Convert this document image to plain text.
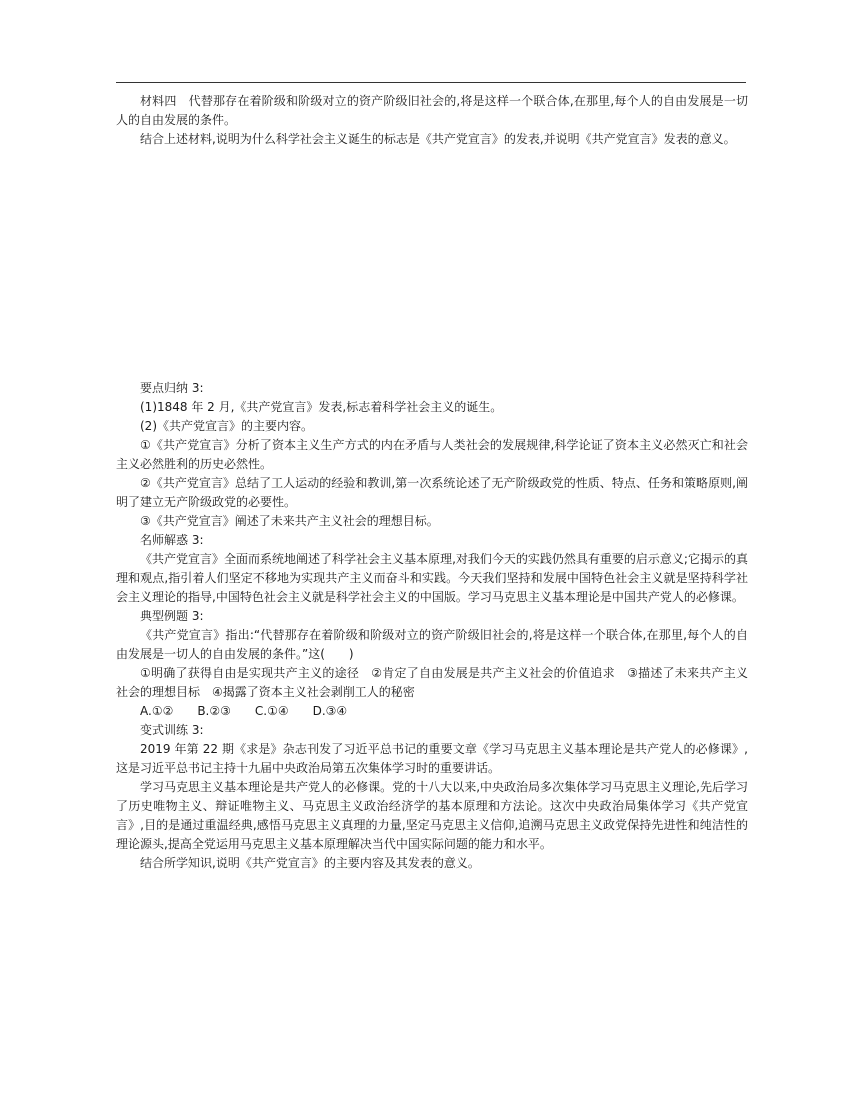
材料四　代替那存在着阶级和阶级对立的资产阶级旧社会的,将是这样一个联合体,在那里,每个人的自由发展是一切人的自由发展的条件。

结合上述材料,说明为什么科学社会主义诞生的标志是《共产党宣言》的发表,并说明《共产党宣言》发表的意义。

要点归纳 3:

(1)1848 年 2 月,《共产党宣言》发表,标志着科学社会主义的诞生。

(2)《共产党宣言》的主要内容。

①《共产党宣言》分析了资本主义生产方式的内在矛盾与人类社会的发展规律,科学论证了资本主义必然灭亡和社会主义必然胜利的历史必然性。

②《共产党宣言》总结了工人运动的经验和教训,第一次系统论述了无产阶级政党的性质、特点、任务和策略原则,阐明了建立无产阶级政党的必要性。

③《共产党宣言》阐述了未来共产主义社会的理想目标。

名师解惑 3:

《共产党宣言》全面而系统地阐述了科学社会主义基本原理,对我们今天的实践仍然具有重要的启示意义;它揭示的真理和观点,指引着人们坚定不移地为实现共产主义而奋斗和实践。今天我们坚持和发展中国特色社会主义就是坚持科学社会主义理论的指导,中国特色社会主义就是科学社会主义的中国版。学习马克思主义基本理论是中国共产党人的必修课。

典型例题 3:

《共产党宣言》指出:“代替那存在着阶级和阶级对立的资产阶级旧社会的,将是这样一个联合体,在那里,每个人的自由发展是一切人的自由发展的条件。”这(　　)

①明确了获得自由是实现共产主义的途径　②肯定了自由发展是共产主义社会的价值追求　③描述了未来共产主义社会的理想目标　④揭露了资本主义社会剥削工人的秘密

A.①②　　B.②③　　C.①④　　D.③④

变式训练 3:

2019 年第 22 期《求是》杂志刊发了习近平总书记的重要文章《学习马克思主义基本理论是共产党人的必修课》,这是习近平总书记主持十九届中央政治局第五次集体学习时的重要讲话。

学习马克思主义基本理论是共产党人的必修课。党的十八大以来,中央政治局多次集体学习马克思主义理论,先后学习了历史唯物主义、辩证唯物主义、马克思主义政治经济学的基本原理和方法论。这次中央政治局集体学习《共产党宣言》,目的是通过重温经典,感悟马克思主义真理的力量,坚定马克思主义信仰,追溯马克思主义政党保持先进性和纯洁性的理论源头,提高全党运用马克思主义基本原理解决当代中国实际问题的能力和水平。

结合所学知识,说明《共产党宣言》的主要内容及其发表的意义。
